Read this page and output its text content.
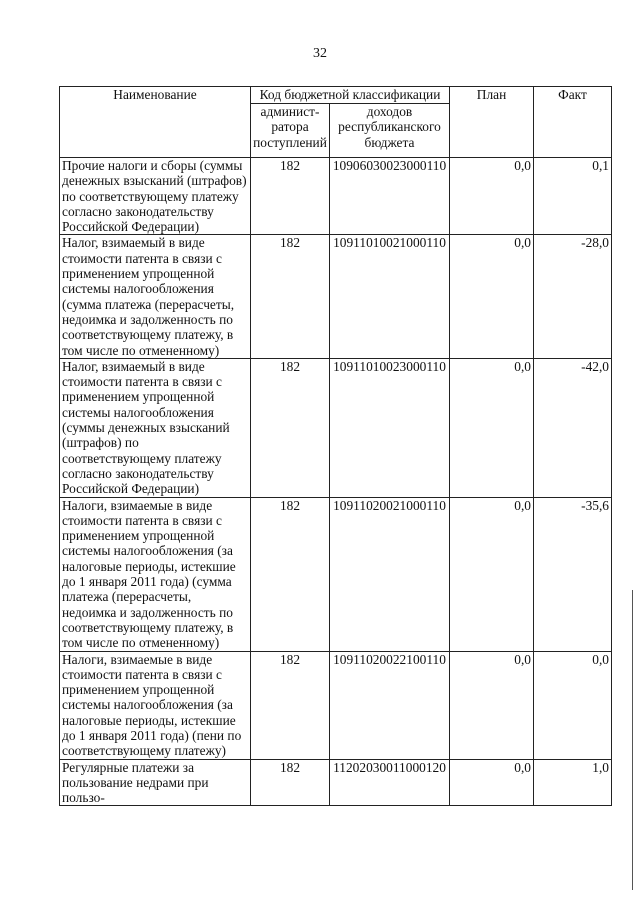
32
Наименование	Код бюджетной классификации		План	Факт
	админист-ратора поступлений	доходов республиканского бюджета		
Прочие налоги и сборы (суммы денежных взысканий (штрафов) по соответствующему платежу согласно законодательству Российской Федерации)	182	10906030023000110	0,0	0,1
Налог, взимаемый в виде стоимости патента в связи с применением упрощенной системы налогообложения (сумма платежа (перерасчеты, недоимка и задолженность по соответствующему платежу, в том числе по отмененному)	182	10911010021000110	0,0	-28,0
Налог, взимаемый в виде стоимости патента в связи с применением упрощенной системы налогообложения (суммы денежных взысканий (штрафов) по соответствующему платежу согласно законодательству Российской Федерации)	182	10911010023000110	0,0	-42,0
Налоги, взимаемые в виде стоимости патента в связи с применением упрощенной системы налогообложения (за налоговые периоды, истекшие до 1 января 2011 года) (сумма платежа (перерасчеты, недоимка и задолженность по соответствующему платежу, в том числе по отмененному)	182	10911020021000110	0,0	-35,6
Налоги, взимаемые в виде стоимости патента в связи с применением упрощенной системы налогообложения (за налоговые периоды, истекшие до 1 января 2011 года) (пени по соответствующему платежу)	182	10911020022100110	0,0	0,0
Регулярные платежи за пользование недрами при пользо-	182	11202030011000120	0,0	1,0
